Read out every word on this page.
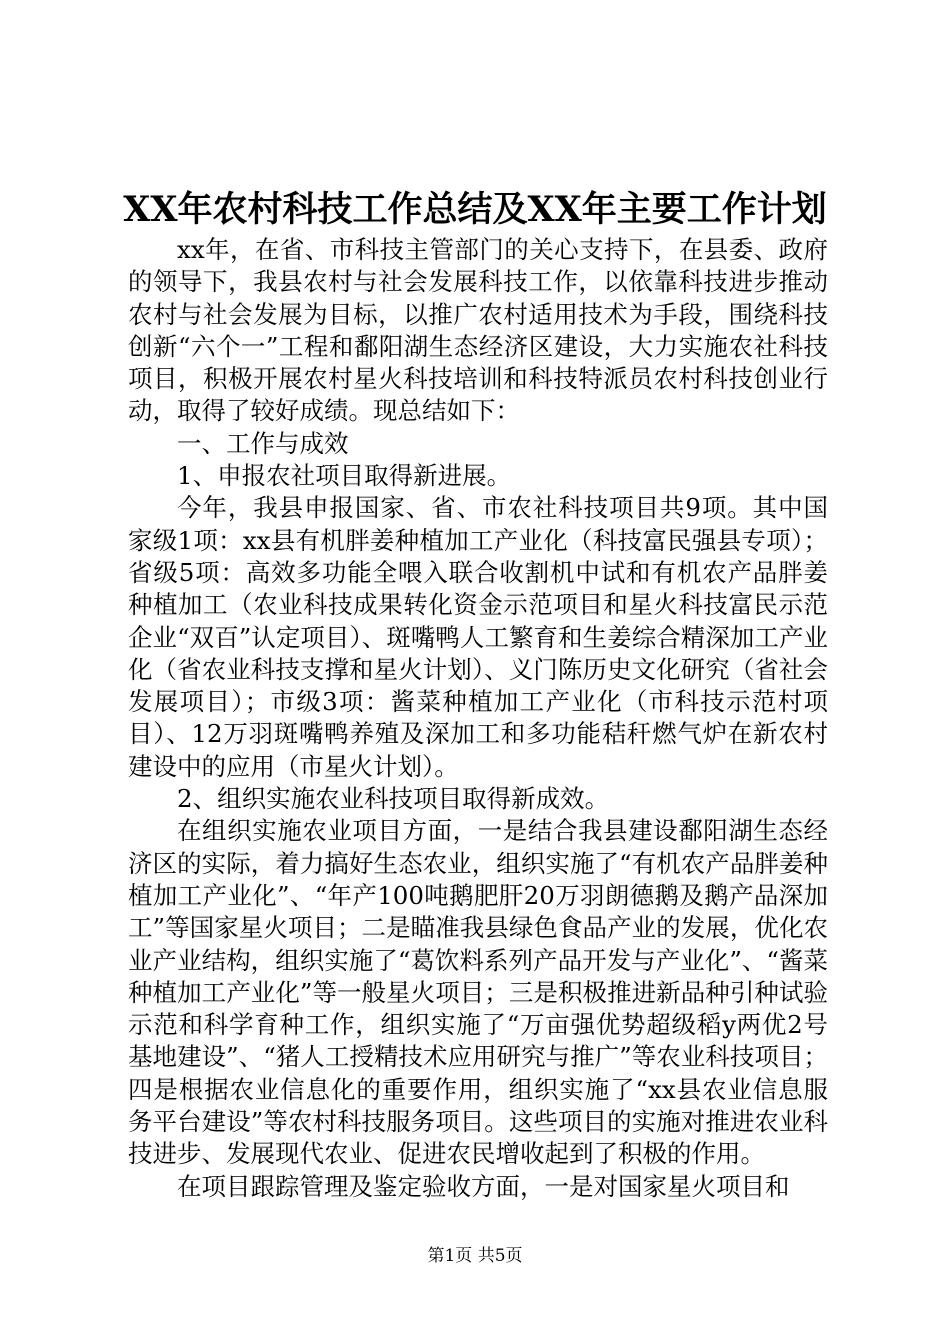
XX年农村科技工作总结及XX年主要工作计划

xx年，在省、市科技主管部门的关心支持下，在县委、政府的领导下，我县农村与社会发展科技工作，以依靠科技进步推动农村与社会发展为目标，以推广农村适用技术为手段，围绕科技创新“六个一”工程和鄱阳湖生态经济区建设，大力实施农社科技项目，积极开展农村星火科技培训和科技特派员农村科技创业行动，取得了较好成绩。现总结如下：

一、工作与成效

1、申报农社项目取得新进展。

今年，我县申报国家、省、市农社科技项目共9项。其中国家级1项：xx县有机胖姜种植加工产业化（科技富民强县专项）；省级5项：高效多功能全喂入联合收割机中试和有机农产品胖姜种植加工（农业科技成果转化资金示范项目和星火科技富民示范企业“双百”认定项目）、斑嘴鸭人工繁育和生姜综合精深加工产业化（省农业科技支撑和星火计划）、义门陈历史文化研究（省社会发展项目）；市级3项：酱菜种植加工产业化（市科技示范村项目）、12万羽斑嘴鸭养殖及深加工和多功能秸秆燃气炉在新农村建设中的应用（市星火计划）。

2、组织实施农业科技项目取得新成效。

在组织实施农业项目方面，一是结合我县建设鄱阳湖生态经济区的实际，着力搞好生态农业，组织实施了“有机农产品胖姜种植加工产业化”、“年产100吨鹅肥肝20万羽朗德鹅及鹅产品深加工”等国家星火项目；二是瞄准我县绿色食品产业的发展，优化农业产业结构，组织实施了“葛饮料系列产品开发与产业化”、“酱菜种植加工产业化”等一般星火项目；三是积极推进新品种引种试验示范和科学育种工作，组织实施了“万亩强优势超级稻y两优2号基地建设”、“猪人工授精技术应用研究与推广”等农业科技项目；四是根据农业信息化的重要作用，组织实施了“xx县农业信息服务平台建设”等农村科技服务项目。这些项目的实施对推进农业科技进步、发展现代农业、促进农民增收起到了积极的作用。

在项目跟踪管理及鉴定验收方面，一是对国家星火项目和

第1页 共5页
